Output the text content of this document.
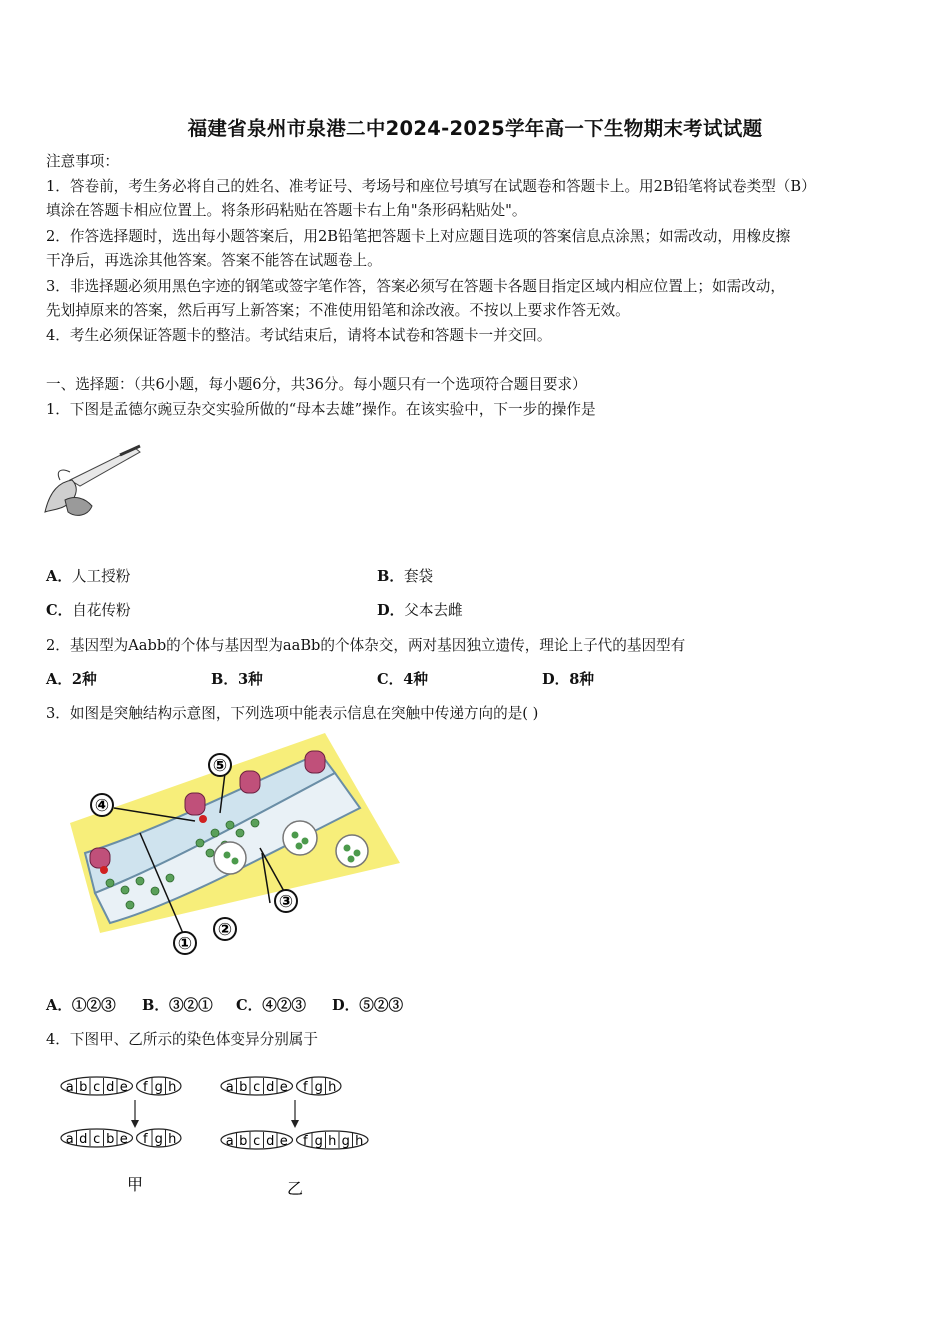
福建省泉州市泉港二中2024-2025学年高一下生物期末考试试题
注意事项：
1．答卷前，考生务必将自己的姓名、准考证号、考场号和座位号填写在试题卷和答题卡上。用2B铅笔将试卷类型（B）
填涂在答题卡相应位置上。将条形码粘贴在答题卡右上角"条形码粘贴处"。
2．作答选择题时，选出每小题答案后，用2B铅笔把答题卡上对应题目选项的答案信息点涂黑；如需改动，用橡皮擦
干净后，再选涂其他答案。答案不能答在试题卷上。
3．非选择题必须用黑色字迹的钢笔或签字笔作答，答案必须写在答题卡各题目指定区域内相应位置上；如需改动，
先划掉原来的答案，然后再写上新答案；不准使用铅笔和涂改液。不按以上要求作答无效。
4．考生必须保证答题卡的整洁。考试结束后，请将本试卷和答题卡一并交回。
一、选择题：（共6小题，每小题6分，共36分。每小题只有一个选项符合题目要求）
1．下图是孟德尔豌豆杂交实验所做的“母本去雄”操作。在该实验中，下一步的操作是
A．人工授粉	B．套袋
C．自花传粉	D．父本去雌
2．基因型为Aabb的个体与基因型为aaBb的个体杂交，两对基因独立遗传，理论上子代的基因型有
A．2种	B．3种	C．4种	D．8种
3．如图是突触结构示意图，下列选项中能表示信息在突触中传递方向的是( )
④
⑤
③
②
①
A．①②③ B．③②① C．④②③ D．⑤②③
4．下图甲、乙所示的染色体变异分别属于
甲	乙
a b c d e f g h
a d c b e f g h
a b c d e f g h
a b c d e f g h g h
